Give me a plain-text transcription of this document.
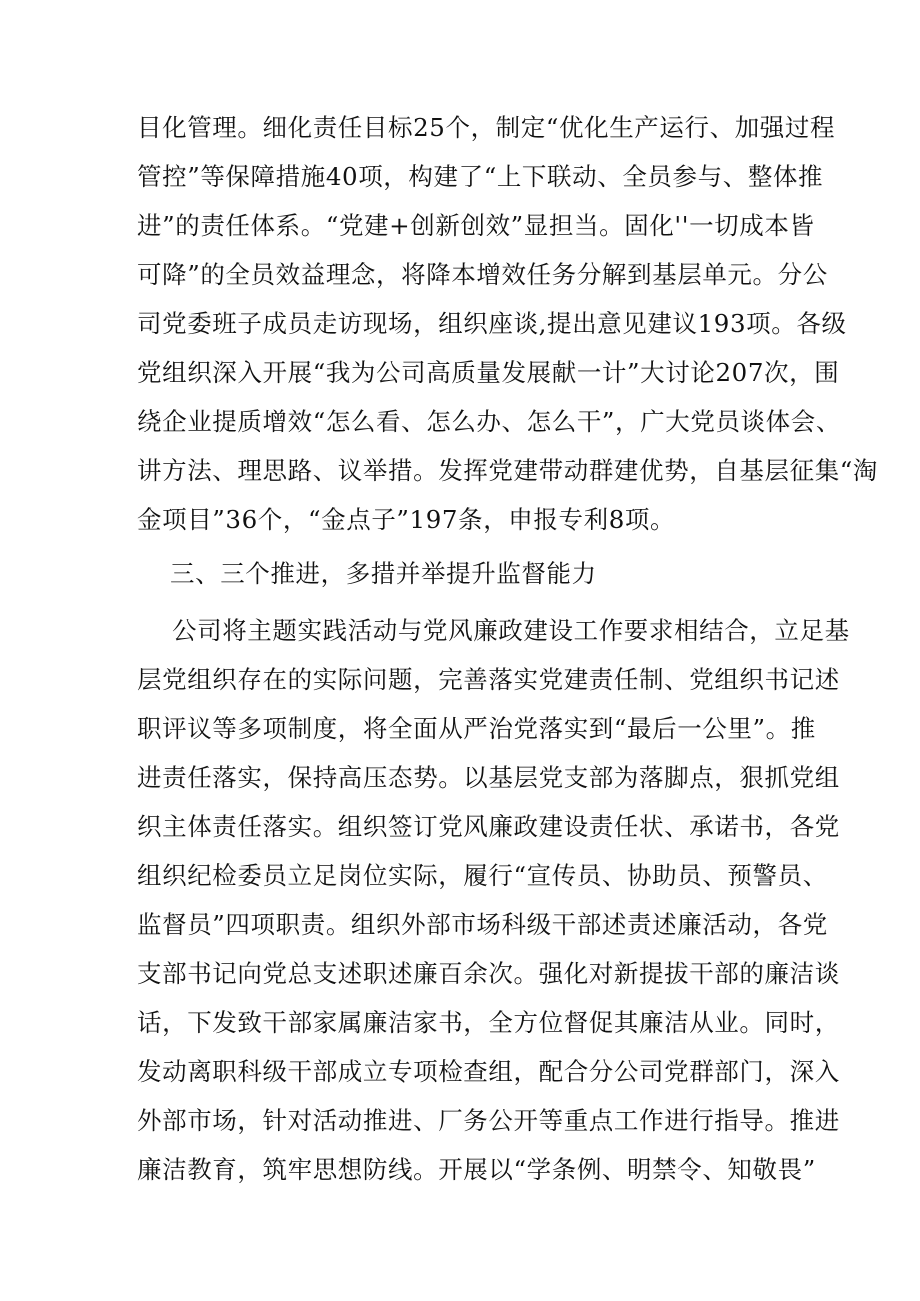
目化管理。细化责任目标25个，制定“优化生产运行、加强过程
管控”等保障措施40项，构建了“上下联动、全员参与、整体推
进”的责任体系。“党建+创新创效”显担当。固化''一切成本皆
可降”的全员效益理念，将降本增效任务分解到基层单元。分公
司党委班子成员走访现场，组织座谈,提出意见建议193项。各级
党组织深入开展“我为公司高质量发展献一计”大讨论207次，围
绕企业提质增效“怎么看、怎么办、怎么干”，广大党员谈体会、
讲方法、理思路、议举措。发挥党建带动群建优势，自基层征集“淘
金项目”36个，“金点子”197条，申报专利8项。
三、三个推进，多措并举提升监督能力
公司将主题实践活动与党风廉政建设工作要求相结合，立足基
层党组织存在的实际问题，完善落实党建责任制、党组织书记述
职评议等多项制度，将全面从严治党落实到“最后一公里”。推
进责任落实，保持高压态势。以基层党支部为落脚点，狠抓党组
织主体责任落实。组织签订党风廉政建设责任状、承诺书，各党
组织纪检委员立足岗位实际，履行“宣传员、协助员、预警员、
监督员”四项职责。组织外部市场科级干部述责述廉活动，各党
支部书记向党总支述职述廉百余次。强化对新提拔干部的廉洁谈
话，下发致干部家属廉洁家书，全方位督促其廉洁从业。同时，
发动离职科级干部成立专项检查组，配合分公司党群部门，深入
外部市场，针对活动推进、厂务公开等重点工作进行指导。推进
廉洁教育，筑牢思想防线。开展以“学条例、明禁令、知敬畏”
